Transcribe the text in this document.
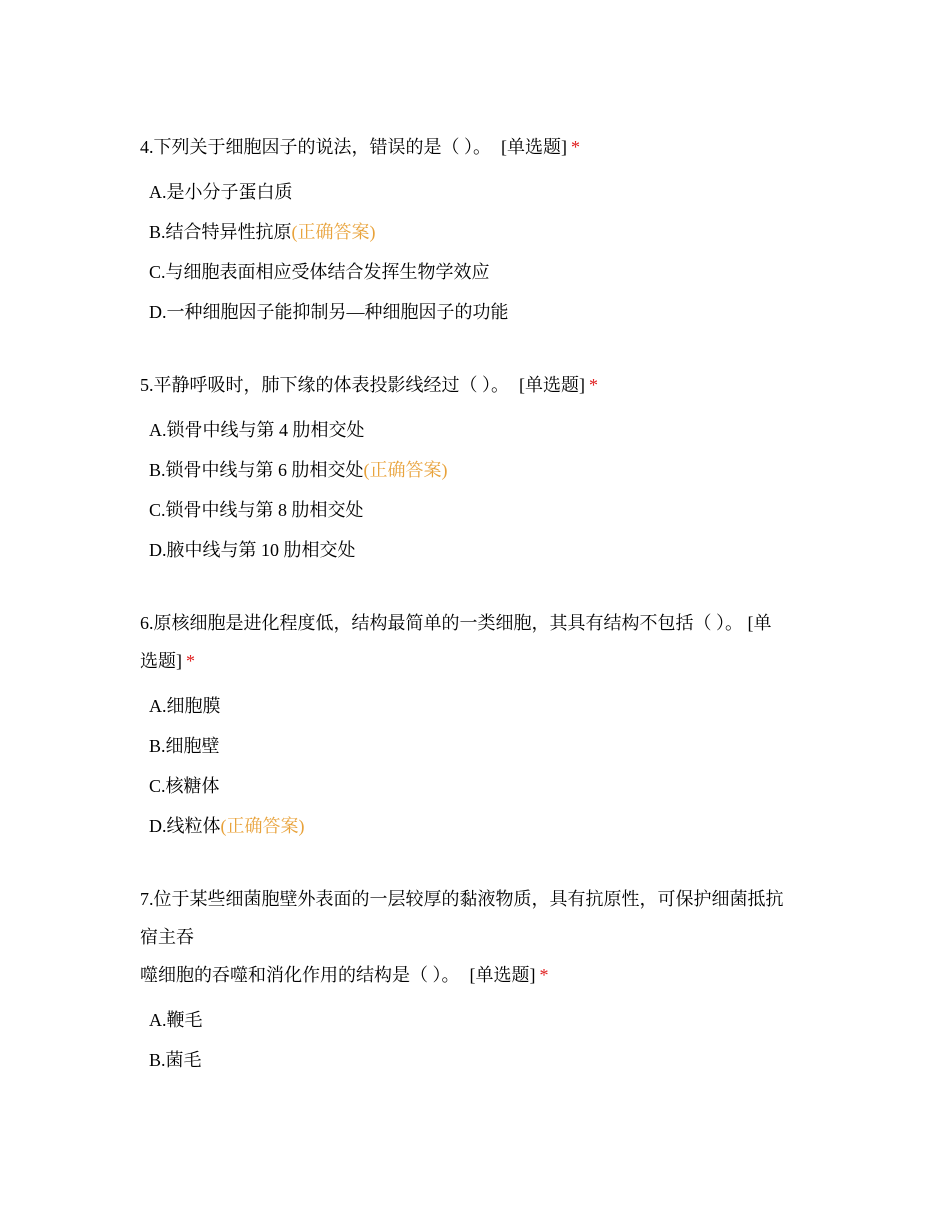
4.下列关于细胞因子的说法，错误的是（ ）。 [单选题] *
A.是小分子蛋白质
B.结合特异性抗原(正确答案)
C.与细胞表面相应受体结合发挥生物学效应
D.一种细胞因子能抑制另—种细胞因子的功能
5.平静呼吸时，肺下缘的体表投影线经过（ ）。 [单选题] *
A.锁骨中线与第 4 肋相交处
B.锁骨中线与第 6 肋相交处(正确答案)
C.锁骨中线与第 8 肋相交处
D.腋中线与第 10 肋相交处
6.原核细胞是进化程度低，结构最简单的一类细胞，其具有结构不包括（ ）。 [单
选题] *
A.细胞膜
B.细胞壁
C.核糖体
D.线粒体(正确答案)
7.位于某些细菌胞壁外表面的一层较厚的黏液物质，具有抗原性，可保护细菌抵抗
宿主吞
噬细胞的吞噬和消化作用的结构是（ ）。 [单选题] *
A.鞭毛
B.菌毛
